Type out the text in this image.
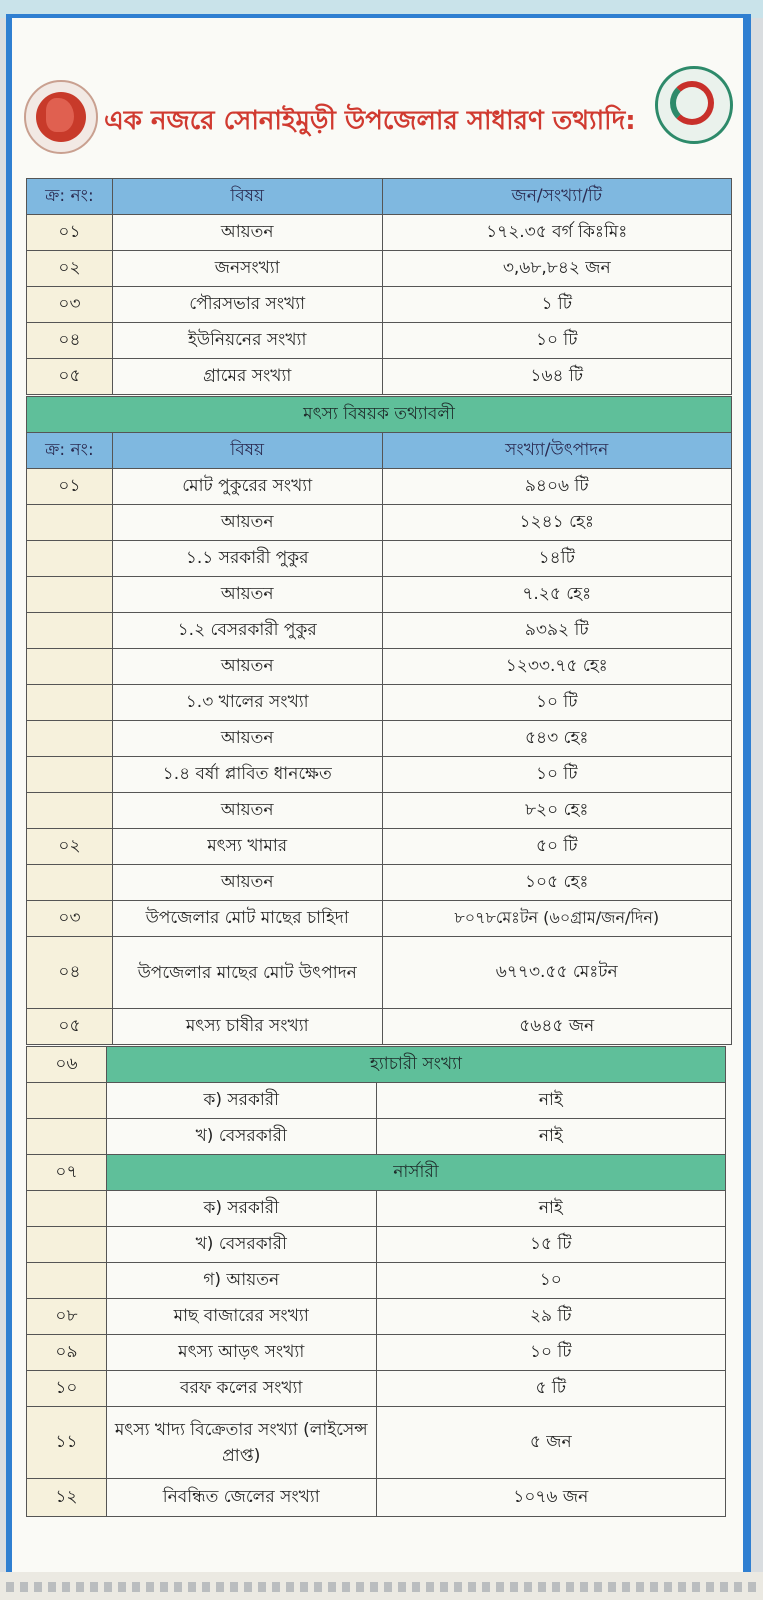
এক নজরে সোনাইমুড়ী উপজেলার সাধারণ তথ্যাদি:
ক্র: নং:	বিষয়	জন/সংখ্যা/টি
০১	আয়তন	১৭২.৩৫ বর্গ কিঃমিঃ
০২	জনসংখ্যা	৩,৬৮,৮৪২ জন
০৩	পৌরসভার সংখ্যা	১ টি
০৪	ইউনিয়নের সংখ্যা	১০ টি
০৫	গ্রামের সংখ্যা	১৬৪ টি
মৎস্য বিষয়ক তথ্যাবলী		
ক্র: নং:	বিষয়	সংখ্যা/উৎপাদন
০১	মোট পুকুরের সংখ্যা	৯৪০৬ টি
	আয়তন	১২৪১ হেঃ
	১.১ সরকারী পুকুর	১৪টি
	আয়তন	৭.২৫ হেঃ
	১.২ বেসরকারী পুকুর	৯৩৯২ টি
	আয়তন	১২৩৩.৭৫ হেঃ
	১.৩ খালের সংখ্যা	১০ টি
	আয়তন	৫৪৩ হেঃ
	১.৪ বর্ষা প্লাবিত ধানক্ষেত	১০ টি
	আয়তন	৮২০ হেঃ
০২	মৎস্য খামার	৫০ টি
	আয়তন	১০৫ হেঃ
০৩	উপজেলার মোট মাছের চাহিদা	৮০৭৮মেঃটন (৬০গ্রাম/জন/দিন)
০৪	উপজেলার মাছের মোট উৎপাদন	৬৭৭৩.৫৫ মেঃটন
০৫	মৎস্য চাষীর সংখ্যা	৫৬৪৫ জন
০৬	হ্যাচারী সংখ্যা	
	ক) সরকারী	নাই
	খ) বেসরকারী	নাই
০৭	নার্সারী	
	ক) সরকারী	নাই
	খ) বেসরকারী	১৫ টি
	গ) আয়তন	১০
০৮	মাছ বাজারের সংখ্যা	২৯ টি
০৯	মৎস্য আড়ৎ সংখ্যা	১০ টি
১০	বরফ কলের সংখ্যা	৫ টি
১১	মৎস্য খাদ্য বিক্রেতার সংখ্যা (লাইসেন্স প্রাপ্ত)	৫ জন
১২	নিবন্ধিত জেলের সংখ্যা	১০৭৬ জন
